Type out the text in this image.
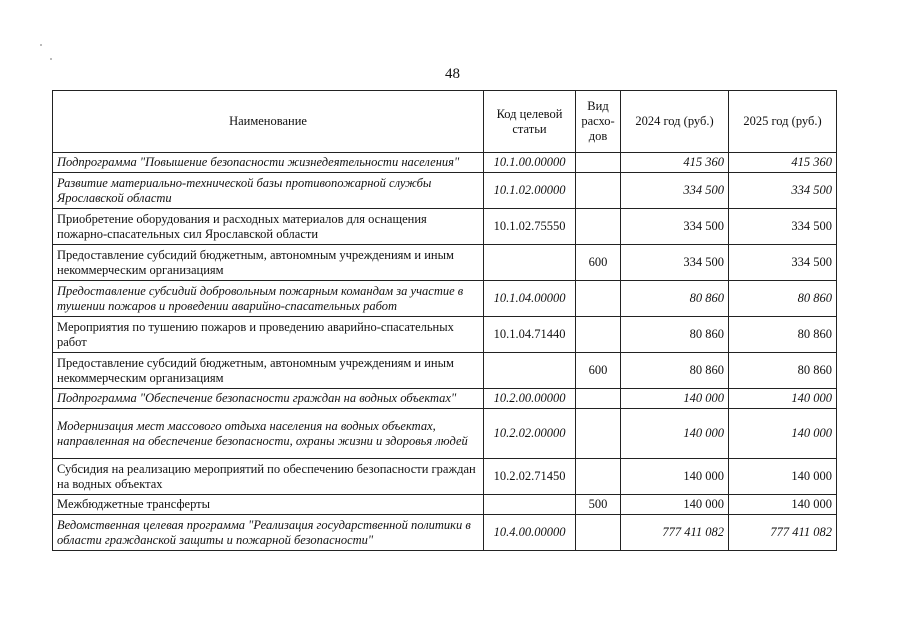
48
Наименование	Код целевой статьи	Вид расхо-дов	2024 год (руб.)	2025 год (руб.)
Подпрограмма "Повышение безопасности жизнедеятельности населения"	10.1.00.00000		415 360	415 360
Развитие материально-технической базы противопожарной службы Ярославской области	10.1.02.00000		334 500	334 500
Приобретение оборудования и расходных материалов для оснащения пожарно-спасательных сил Ярославской области	10.1.02.75550		334 500	334 500
Предоставление субсидий бюджетным, автономным учреждениям и иным некоммерческим организациям		600	334 500	334 500
Предоставление субсидий добровольным пожарным командам за участие в тушении пожаров и проведении аварийно-спасательных работ	10.1.04.00000		80 860	80 860
Мероприятия по тушению пожаров и проведению аварийно-спасательных работ	10.1.04.71440		80 860	80 860
Предоставление субсидий бюджетным, автономным учреждениям и иным некоммерческим организациям		600	80 860	80 860
Подпрограмма "Обеспечение безопасности граждан на водных объектах"	10.2.00.00000		140 000	140 000
Модернизация мест массового отдыха населения на водных объектах, направленная на обеспечение безопасности, охраны жизни и здоровья людей	10.2.02.00000		140 000	140 000
Субсидия на реализацию мероприятий по обеспечению безопасности граждан на водных объектах	10.2.02.71450		140 000	140 000
Межбюджетные трансферты		500	140 000	140 000
Ведомственная целевая программа "Реализация государственной политики в области гражданской защиты и пожарной безопасности"	10.4.00.00000		777 411 082	777 411 082
